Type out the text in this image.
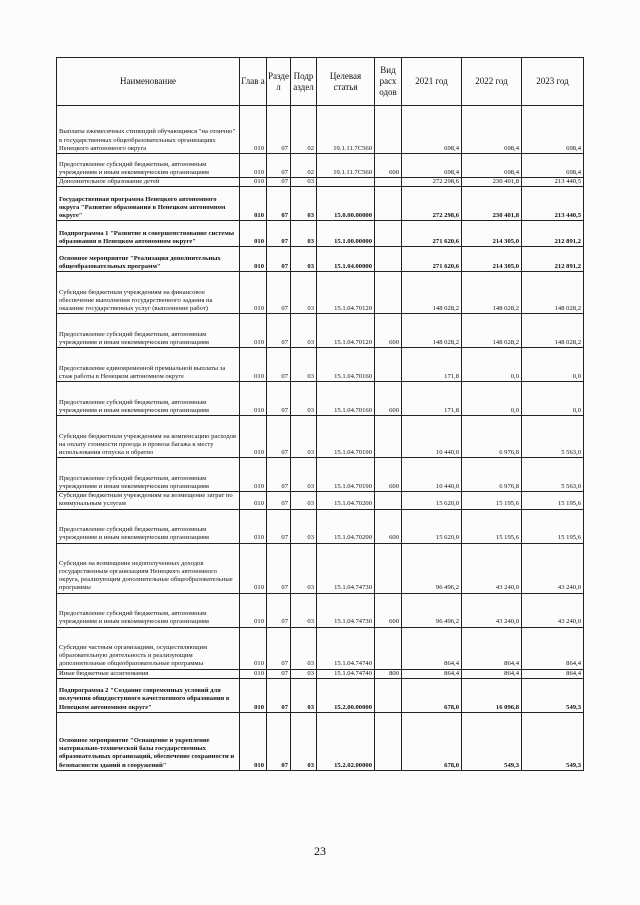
Наименование	Глав а	Разде л	Подр аздел	Целевая статья	Вид расх одов	2021 год	2022 год	2023 год
Выплаты ежемесячных стипендий обучающимся "на отлично" в государственных общеобразовательных организациях Ненецкого автономного округа	010	07	02	19.1.11.7С560		698,4	698,4	698,4
Предоставление субсидий бюджетным, автономным учреждениям и иным некоммерческим организациям	010	07	02	19.1.11.7С560	600	698,4	698,4	698,4
Дополнительное образование детей	010	07	03			272 298,6	230 401,8	213 440,5
Государственная программа Ненецкого автономного округа "Развитие образования в Ненецком автономном округе"	010	07	03	15.0.00.00000		272 298,6	230 401,8	213 440,5
Подпрограмма 1 "Развитие и совершенствование системы образования в Ненецком автономном округе"	010	07	03	15.1.00.00000		271 620,6	214 305,0	212 891,2
Основное мероприятие "Реализация дополнительных общеобразовательных программ"	010	07	03	15.1.04.00000		271 620,6	214 305,0	212 891,2
Субсидии бюджетным учреждениям на финансовое обеспечение выполнения государственного задания на оказание государственных услуг (выполнение работ)	010	07	03	15.1.04.70120		148 028,2	148 028,2	148 028,2
Предоставление субсидий бюджетным, автономным учреждениям и иным некоммерческим организациям	010	07	03	15.1.04.70120	600	148 028,2	148 028,2	148 028,2
Предоставление единовременной премиальной выплаты за стаж работы в Ненецком автономном округе	010	07	03	15.1.04.70160		171,8	0,0	0,0
Предоставление субсидий бюджетным, автономным учреждениям и иным некоммерческим организациям	010	07	03	15.1.04.70160	600	171,8	0,0	0,0
Субсидии бюджетным учреждениям на компенсацию расходов на оплату стоимости проезда и провоза багажа к месту использования отпуска и обратно	010	07	03	15.1.04.70190		10 440,0	6 976,8	5 563,0
Предоставление субсидий бюджетным, автономным учреждениям и иным некоммерческим организациям	010	07	03	15.1.04.70190	600	10 440,0	6 976,8	5 563,0
Субсидии бюджетным учреждениям на возмещение затрат по коммунальным услугам	010	07	03	15.1.04.70200		15 620,0	15 195,6	15 195,6
Предоставление субсидий бюджетным, автономным учреждениям и иным некоммерческим организациям	010	07	03	15.1.04.70200	600	15 620,0	15 195,6	15 195,6
Субсидии на возмещение недополученных доходов государственным организациям Ненецкого автономного округа, реализующим дополнительные общеобразовательные программы	010	07	03	15.1.04.74730		96 496,2	43 240,0	43 240,0
Предоставление субсидий бюджетным, автономным учреждениям и иным некоммерческим организациям	010	07	03	15.1.04.74730	600	96 496,2	43 240,0	43 240,0
Субсидии частным организациям, осуществляющим образовательную деятельность и реализующим дополнительные общеобразовательные программы	010	07	03	15.1.04.74740		864,4	864,4	864,4
Иные бюджетные ассигнования	010	07	03	15.1.04.74740	800	864,4	864,4	864,4
Подпрограмма 2 "Создание современных условий для получения общедоступного качественного образования в Ненецком автономном округе"	010	07	03	15.2.00.00000		678,0	16 096,8	549,3
Основное мероприятие "Оснащение и укрепление материально-технической базы государственных образовательных организаций, обеспечение сохранности и безопасности зданий и сооружений"	010	07	03	15.2.02.00000		678,0	549,3	549,3
23
